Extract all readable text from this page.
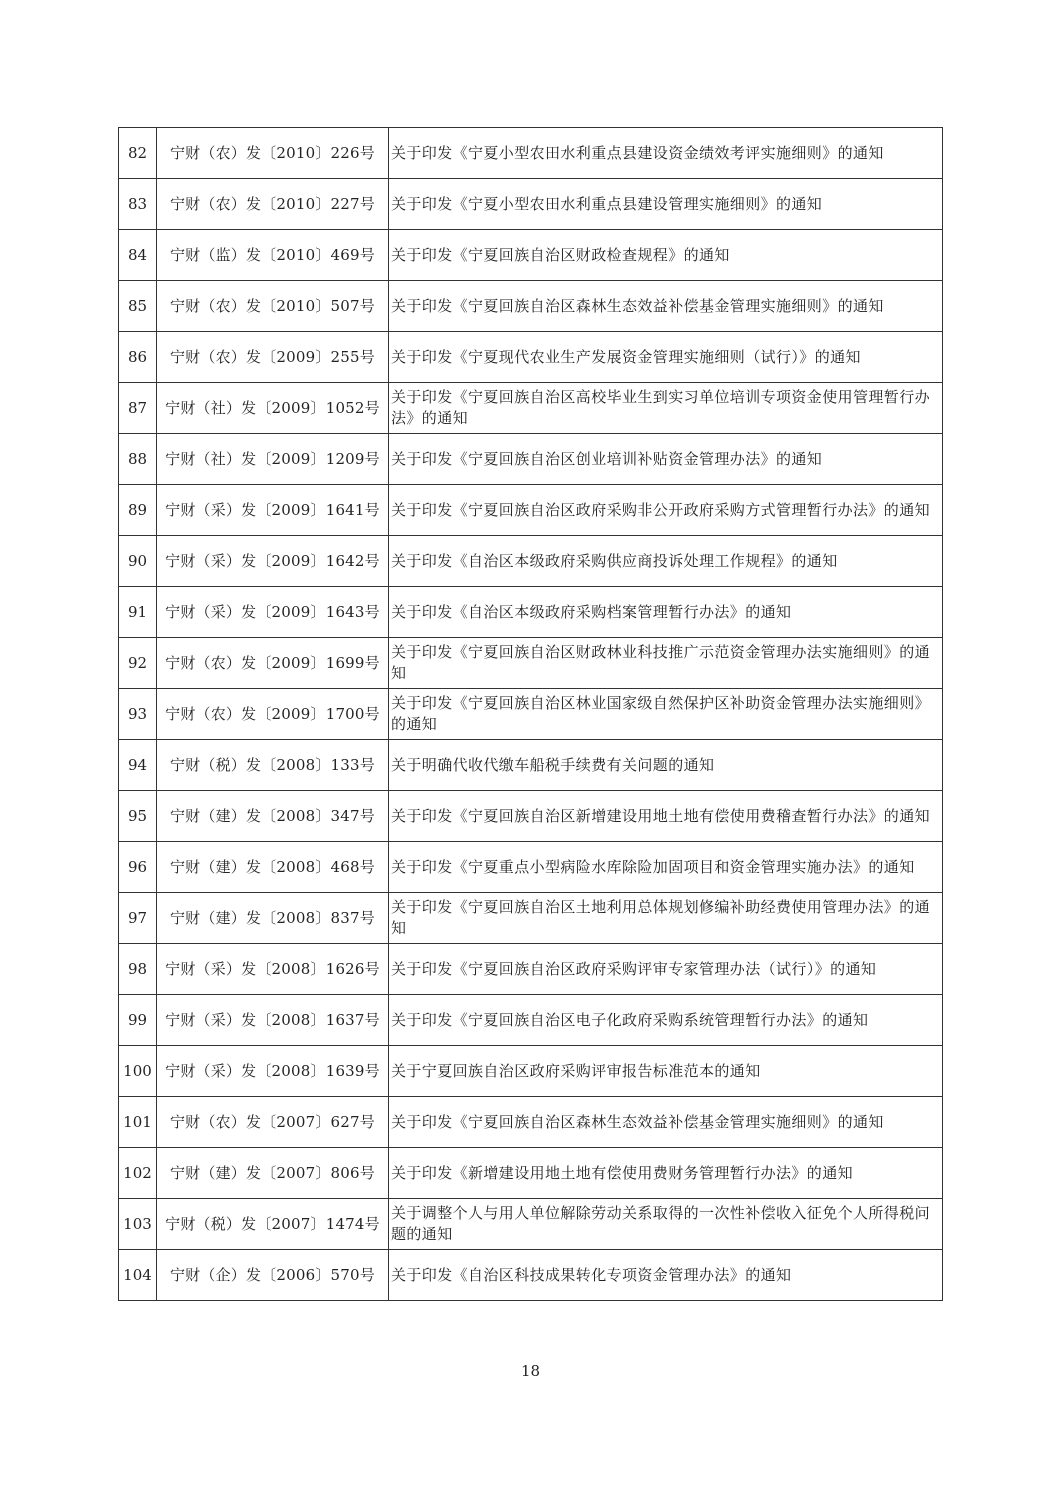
82	宁财（农）发〔2010〕226号	关于印发《宁夏小型农田水利重点县建设资金绩效考评实施细则》的通知
83	宁财（农）发〔2010〕227号	关于印发《宁夏小型农田水利重点县建设管理实施细则》的通知
84	宁财（监）发〔2010〕469号	关于印发《宁夏回族自治区财政检查规程》的通知
85	宁财（农）发〔2010〕507号	关于印发《宁夏回族自治区森林生态效益补偿基金管理实施细则》的通知
86	宁财（农）发〔2009〕255号	关于印发《宁夏现代农业生产发展资金管理实施细则（试行）》的通知
87	宁财（社）发〔2009〕1052号	关于印发《宁夏回族自治区高校毕业生到实习单位培训专项资金使用管理暂行办法》的通知
88	宁财（社）发〔2009〕1209号	关于印发《宁夏回族自治区创业培训补贴资金管理办法》的通知
89	宁财（采）发〔2009〕1641号	关于印发《宁夏回族自治区政府采购非公开政府采购方式管理暂行办法》的通知
90	宁财（采）发〔2009〕1642号	关于印发《自治区本级政府采购供应商投诉处理工作规程》的通知
91	宁财（采）发〔2009〕1643号	关于印发《自治区本级政府采购档案管理暂行办法》的通知
92	宁财（农）发〔2009〕1699号	关于印发《宁夏回族自治区财政林业科技推广示范资金管理办法实施细则》的通知
93	宁财（农）发〔2009〕1700号	关于印发《宁夏回族自治区林业国家级自然保护区补助资金管理办法实施细则》的通知
94	宁财（税）发〔2008〕133号	关于明确代收代缴车船税手续费有关问题的通知
95	宁财（建）发〔2008〕347号	关于印发《宁夏回族自治区新增建设用地土地有偿使用费稽查暂行办法》的通知
96	宁财（建）发〔2008〕468号	关于印发《宁夏重点小型病险水库除险加固项目和资金管理实施办法》的通知
97	宁财（建）发〔2008〕837号	关于印发《宁夏回族自治区土地利用总体规划修编补助经费使用管理办法》的通知
98	宁财（采）发〔2008〕1626号	关于印发《宁夏回族自治区政府采购评审专家管理办法（试行）》的通知
99	宁财（采）发〔2008〕1637号	关于印发《宁夏回族自治区电子化政府采购系统管理暂行办法》的通知
100	宁财（采）发〔2008〕1639号	关于宁夏回族自治区政府采购评审报告标准范本的通知
101	宁财（农）发〔2007〕627号	关于印发《宁夏回族自治区森林生态效益补偿基金管理实施细则》的通知
102	宁财（建）发〔2007〕806号	关于印发《新增建设用地土地有偿使用费财务管理暂行办法》的通知
103	宁财（税）发〔2007〕1474号	关于调整个人与用人单位解除劳动关系取得的一次性补偿收入征免个人所得税问题的通知
104	宁财（企）发〔2006〕570号	关于印发《自治区科技成果转化专项资金管理办法》的通知
18
